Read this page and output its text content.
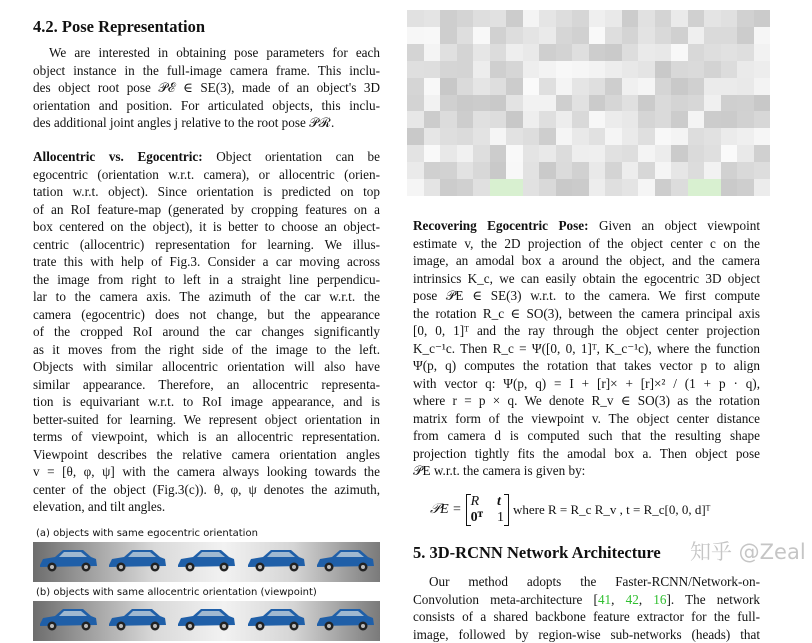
4.2. Pose Representation
We are interested in obtaining pose parameters for each
object instance in the full-image camera frame. This inclu-
des object root pose 𝒫ℰ ∈ SE(3), made of an object's 3D
orientation and position. For articulated objects, this inclu-
des additional joint angles j relative to the root pose 𝒫ℛ.
Allocentric vs. Egocentric: Object orientation can be
egocentric (orientation w.r.t. camera), or allocentric (orien-
tation w.r.t. object). Since orientation is predicted on top
of an RoI feature-map (generated by cropping features on a
box centered on the object), it is better to choose an object-
centric (allocentric) representation for learning. We illus-
trate this with help of Fig.3. Consider a car moving across
the image from right to left in a straight line perpendicu-
lar to the camera axis. The azimuth of the car w.r.t. the
camera (egocentric) does not change, but the appearance
of the cropped RoI around the car changes significantly
as it moves from the right side of the image to the left.
Objects with similar allocentric orientation will also have
similar appearance. Therefore, an allocentric representa-
tion is equivariant w.r.t. to RoI image appearance, and is
better-suited for learning. We represent object orientation in
terms of viewpoint, which is an allocentric representation.
Viewpoint describes the relative camera orientation angles
v = [θ, φ, ψ] with the camera always looking towards the
center of the object (Fig.3(c)). θ, φ, ψ denotes the azimuth,
elevation, and tilt angles.
(a) objects with same egocentric orientation
(b) objects with same allocentric orientation (viewpoint)
Recovering Egocentric Pose: Given an object viewpoint
estimate v, the 2D projection of the object center c on the
image, an amodal box a around the object, and the camera
intrinsics K_c, we can easily obtain the egocentric 3D object
pose 𝒫E ∈ SE(3) w.r.t. to the camera. We first compute
the rotation R_c ∈ SO(3), between the camera principal axis
[0, 0, 1]ᵀ and the ray through the object center projection
K_c⁻¹c. Then R_c = Ψ([0, 0, 1]ᵀ, K_c⁻¹c), where the function
Ψ(p, q) computes the rotation that takes vector p to align
with vector q: Ψ(p, q) = I + [r]× + [r]×² / (1 + p · q),
where r = p × q. We denote R_v ∈ SO(3) as the rotation
matrix form of the viewpoint v. The object center distance
from camera d is computed such that the resulting shape
projection tightly fits the amodal box a. Then object pose
𝒫E w.r.t. the camera is given by:
𝒫E =
R t
0ᵀ 1
where R = R_c R_v , t = R_c[0, 0, d]ᵀ
5. 3D-RCNN Network Architecture
Our method adopts the Faster-RCNN/Network-on-
Convolution meta-architecture [41, 42, 16]. The network
consists of a shared backbone feature extractor for the full-
image, followed by region-wise sub-networks (heads) that
知乎 @Zeal
